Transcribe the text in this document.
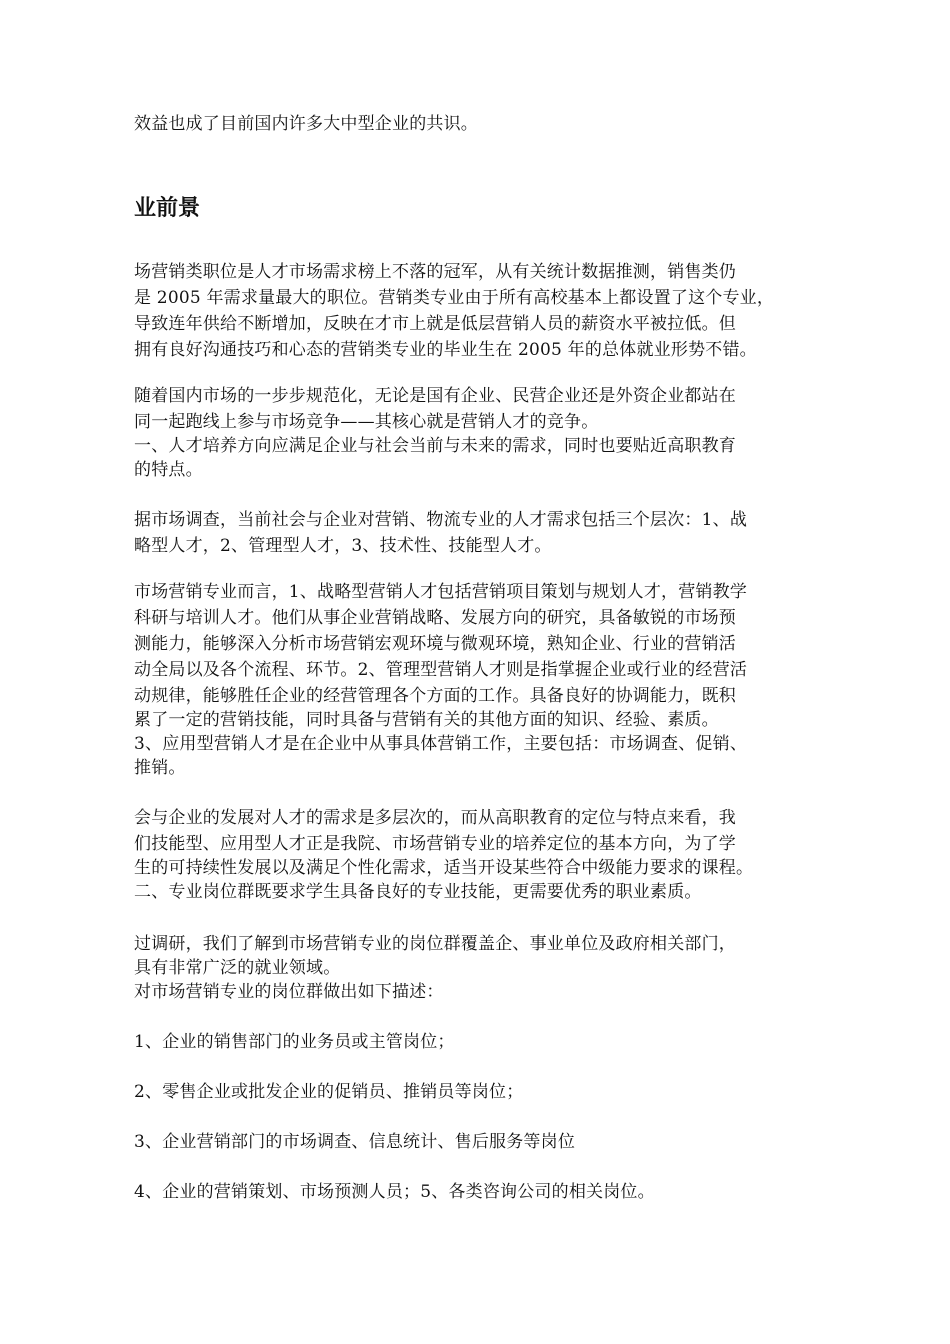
效益也成了目前国内许多大中型企业的共识。
业前景
场营销类职位是人才市场需求榜上不落的冠军，从有关统计数据推测，销售类仍
是 2005 年需求量最大的职位。营销类专业由于所有高校基本上都设置了这个专业，
导致连年供给不断增加，反映在才市上就是低层营销人员的薪资水平被拉低。但
拥有良好沟通技巧和心态的营销类专业的毕业生在 2005 年的总体就业形势不错。
随着国内市场的一步步规范化，无论是国有企业、民营企业还是外资企业都站在
同一起跑线上参与市场竞争——其核心就是营销人才的竞争。
一、人才培养方向应满足企业与社会当前与未来的需求，同时也要贴近高职教育
的特点。
据市场调查，当前社会与企业对营销、物流专业的人才需求包括三个层次：1、战
略型人才，2、管理型人才，3、技术性、技能型人才。
市场营销专业而言，1、战略型营销人才包括营销项目策划与规划人才，营销教学
科研与培训人才。他们从事企业营销战略、发展方向的研究，具备敏锐的市场预
测能力，能够深入分析市场营销宏观环境与微观环境，熟知企业、行业的营销活
动全局以及各个流程、环节。2、管理型营销人才则是指掌握企业或行业的经营活
动规律，能够胜任企业的经营管理各个方面的工作。具备良好的协调能力，既积
累了一定的营销技能，同时具备与营销有关的其他方面的知识、经验、素质。
3、应用型营销人才是在企业中从事具体营销工作，主要包括：市场调查、促销、
推销。
会与企业的发展对人才的需求是多层次的，而从高职教育的定位与特点来看，我
们技能型、应用型人才正是我院、市场营销专业的培养定位的基本方向，为了学
生的可持续性发展以及满足个性化需求，适当开设某些符合中级能力要求的课程。
二、专业岗位群既要求学生具备良好的专业技能，更需要优秀的职业素质。
过调研，我们了解到市场营销专业的岗位群覆盖企、事业单位及政府相关部门，
具有非常广泛的就业领域。
对市场营销专业的岗位群做出如下描述：
1、企业的销售部门的业务员或主管岗位；
2、零售企业或批发企业的促销员、推销员等岗位；
3、企业营销部门的市场调查、信息统计、售后服务等岗位
4、企业的营销策划、市场预测人员；5、各类咨询公司的相关岗位。
